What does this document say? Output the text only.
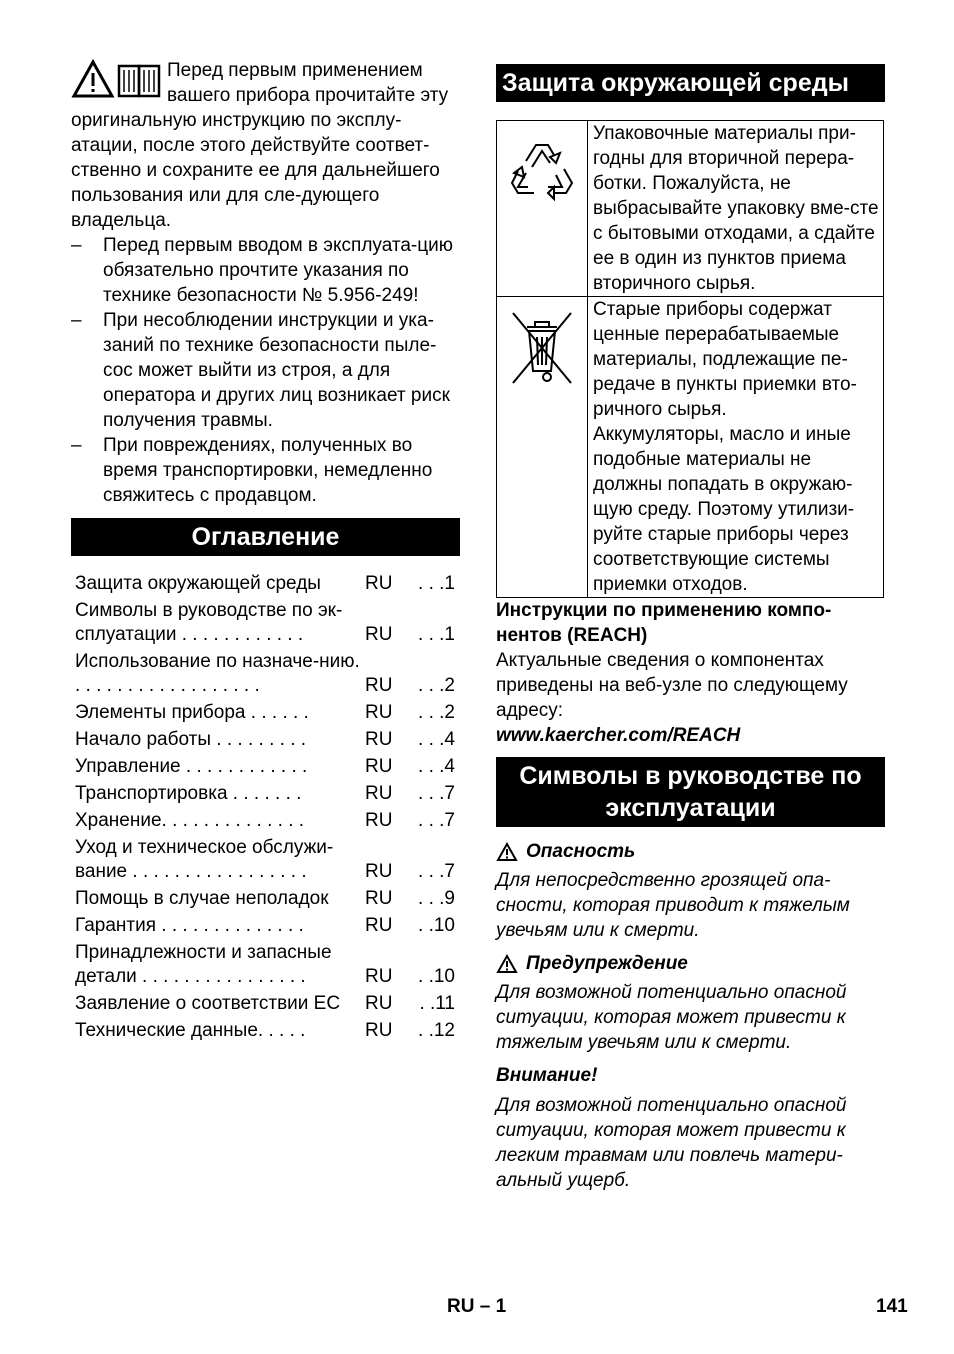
Перед первым применением вашего прибора прочитайте эту оригинальную инструкцию по эксплу-атации, после этого действуйте соответ-ственно и сохраните ее для дальнейшего пользования или для сле-дующего владельца.

– Перед первым вводом в эксплуата-цию обязательно прочтите указания по технике безопасности № 5.956-249!
– При несоблюдении инструкции и ука-заний по технике безопасности пыле-сос может выйти из строя, а для оператора и других лиц возникает риск получения травмы.
– При повреждениях, полученных во время транспортировки, немедленно свяжитесь с продавцом.
Оглавление
Защита окружающей среды	RU	. . .1
Символы в руководстве по эк-сплуатации . . . . . . . . . . . .	RU	. . .1
Использование по назначе-нию. . . . . . . . . . . . . . . . . . .	RU	. . .2
Элементы прибора . . . . . .	RU	. . .2
Начало работы . . . . . . . . .	RU	. . .4
Управление . . . . . . . . . . . .	RU	. . .4
Транспортировка . . . . . . .	RU	. . .7
Хранение. . . . . . . . . . . . . .	RU	. . .7
Уход и техническое обслужи-вание . . . . . . . . . . . . . . . . .	RU	. . .7
Помощь в случае неполадок	RU	. . .9
Гарантия . . . . . . . . . . . . . .	RU	. .10
Принадлежности и запасные детали . . . . . . . . . . . . . . . .	RU	. .10
Заявление о соответствии ЕС	RU	. .11
Технические данные. . . . .	RU	. .12
Защита окружающей среды
	Упаковочные материалы при-годны для вторичной перера-ботки. Пожалуйста, не выбрасывайте упаковку вме-сте с бытовыми отходами, а сдайте ее в один из пунктов приема вторичного сырья.

Старые приборы содержат ценные перерабатываемые материалы, подлежащие пе-редаче в пункты приемки вто-ричного сырья.
Аккумуляторы, масло и иные подобные материалы не должны попадать в окружаю-щую среду. Поэтому утилизи-руйте старые приборы через соответствующие системы приемки отходов.

Инструкции по применению компо-нентов (REACH)

Актуальные сведения о компонентах приведены на веб-узле по следующему адресу:

www.kaercher.com/REACH

Символы в руководстве по эксплуатации
Опасность

Для непосредственно грозящей опа-сности, которая приводит к тяжелым увечьям или к смерти.

Предупреждение

Для возможной потенциально опасной ситуации, которая может привести к тяжелым увечьям или к смерти.

Внимание!

Для возможной потенциально опасной ситуации, которая может привести к легким травмам или повлечь матери-альный ущерб.

RU – 1	141
